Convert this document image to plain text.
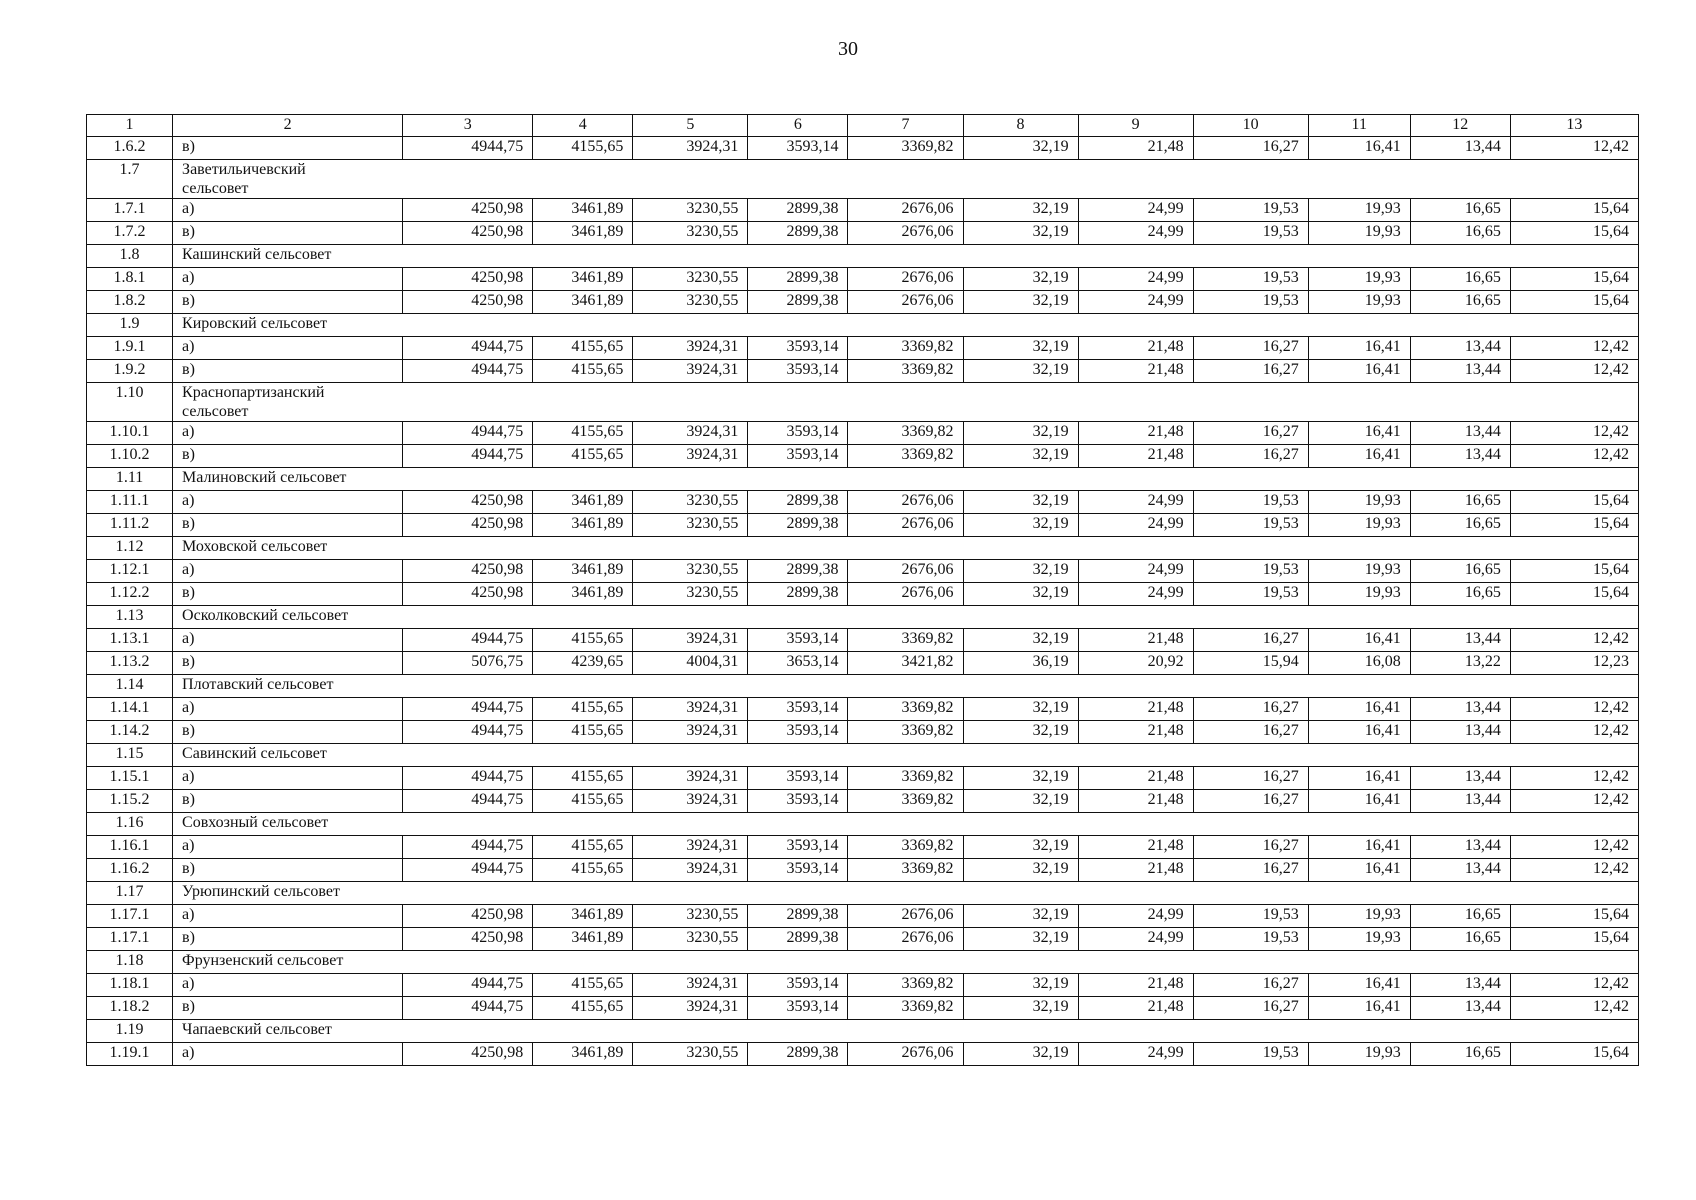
30
1	2	3	4	5	6	7	8	9	10	11	12	13
1.6.2	в)	4944,75	4155,65	3924,31	3593,14	3369,82	32,19	21,48	16,27	16,41	13,44	12,42
1.7	Заветильичевский сельсовет											
1.7.1	а)	4250,98	3461,89	3230,55	2899,38	2676,06	32,19	24,99	19,53	19,93	16,65	15,64
1.7.2	в)	4250,98	3461,89	3230,55	2899,38	2676,06	32,19	24,99	19,53	19,93	16,65	15,64
1.8	Кашинский сельсовет											
1.8.1	а)	4250,98	3461,89	3230,55	2899,38	2676,06	32,19	24,99	19,53	19,93	16,65	15,64
1.8.2	в)	4250,98	3461,89	3230,55	2899,38	2676,06	32,19	24,99	19,53	19,93	16,65	15,64
1.9	Кировский сельсовет											
1.9.1	а)	4944,75	4155,65	3924,31	3593,14	3369,82	32,19	21,48	16,27	16,41	13,44	12,42
1.9.2	в)	4944,75	4155,65	3924,31	3593,14	3369,82	32,19	21,48	16,27	16,41	13,44	12,42
1.10	Краснопартизанский сельсовет											
1.10.1	а)	4944,75	4155,65	3924,31	3593,14	3369,82	32,19	21,48	16,27	16,41	13,44	12,42
1.10.2	в)	4944,75	4155,65	3924,31	3593,14	3369,82	32,19	21,48	16,27	16,41	13,44	12,42
1.11	Малиновский сельсовет											
1.11.1	а)	4250,98	3461,89	3230,55	2899,38	2676,06	32,19	24,99	19,53	19,93	16,65	15,64
1.11.2	в)	4250,98	3461,89	3230,55	2899,38	2676,06	32,19	24,99	19,53	19,93	16,65	15,64
1.12	Моховской сельсовет											
1.12.1	а)	4250,98	3461,89	3230,55	2899,38	2676,06	32,19	24,99	19,53	19,93	16,65	15,64
1.12.2	в)	4250,98	3461,89	3230,55	2899,38	2676,06	32,19	24,99	19,53	19,93	16,65	15,64
1.13	Осколковский сельсовет											
1.13.1	а)	4944,75	4155,65	3924,31	3593,14	3369,82	32,19	21,48	16,27	16,41	13,44	12,42
1.13.2	в)	5076,75	4239,65	4004,31	3653,14	3421,82	36,19	20,92	15,94	16,08	13,22	12,23
1.14	Плотавский сельсовет											
1.14.1	а)	4944,75	4155,65	3924,31	3593,14	3369,82	32,19	21,48	16,27	16,41	13,44	12,42
1.14.2	в)	4944,75	4155,65	3924,31	3593,14	3369,82	32,19	21,48	16,27	16,41	13,44	12,42
1.15	Савинский сельсовет											
1.15.1	а)	4944,75	4155,65	3924,31	3593,14	3369,82	32,19	21,48	16,27	16,41	13,44	12,42
1.15.2	в)	4944,75	4155,65	3924,31	3593,14	3369,82	32,19	21,48	16,27	16,41	13,44	12,42
1.16	Совхозный сельсовет											
1.16.1	а)	4944,75	4155,65	3924,31	3593,14	3369,82	32,19	21,48	16,27	16,41	13,44	12,42
1.16.2	в)	4944,75	4155,65	3924,31	3593,14	3369,82	32,19	21,48	16,27	16,41	13,44	12,42
1.17	Урюпинский сельсовет											
1.17.1	а)	4250,98	3461,89	3230,55	2899,38	2676,06	32,19	24,99	19,53	19,93	16,65	15,64
1.17.1	в)	4250,98	3461,89	3230,55	2899,38	2676,06	32,19	24,99	19,53	19,93	16,65	15,64
1.18	Фрунзенский сельсовет											
1.18.1	а)	4944,75	4155,65	3924,31	3593,14	3369,82	32,19	21,48	16,27	16,41	13,44	12,42
1.18.2	в)	4944,75	4155,65	3924,31	3593,14	3369,82	32,19	21,48	16,27	16,41	13,44	12,42
1.19	Чапаевский сельсовет											
1.19.1	а)	4250,98	3461,89	3230,55	2899,38	2676,06	32,19	24,99	19,53	19,93	16,65	15,64
